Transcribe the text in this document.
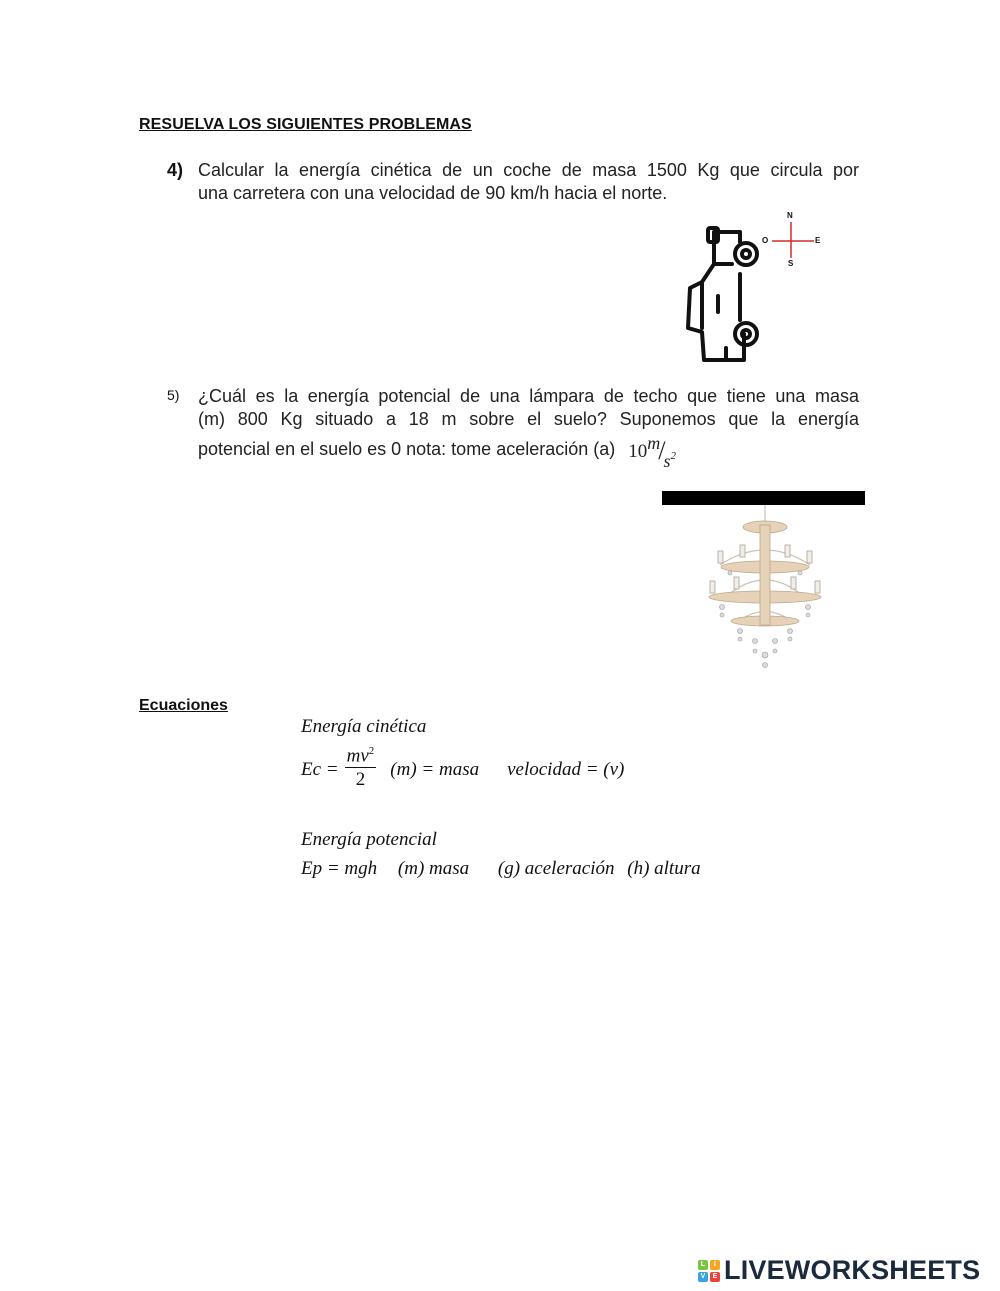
RESUELVA LOS SIGUIENTES PROBLEMAS
4) Calcular la energía cinética de un coche de masa 1500 Kg que circula por
una carretera con una velocidad de 90 km/h hacia el norte.
N
S
E
O
5) ¿Cuál es la energía potencial de una lámpara de techo que tiene una masa
(m) 800 Kg situado a 18 m sobre el suelo? Suponemos que la energía
potencial en el suelo es 0 nota: tome aceleración (a) 10m/s2
Ecuaciones
Energía cinética
$Ec = \frac{mv^2}{2} (m)$ = masa velocidad = (v)
Energía potencial
Ep = mgh (m) masa (g) aceleración (h) altura
L	I
V	E LIVEWORKSHEETS
